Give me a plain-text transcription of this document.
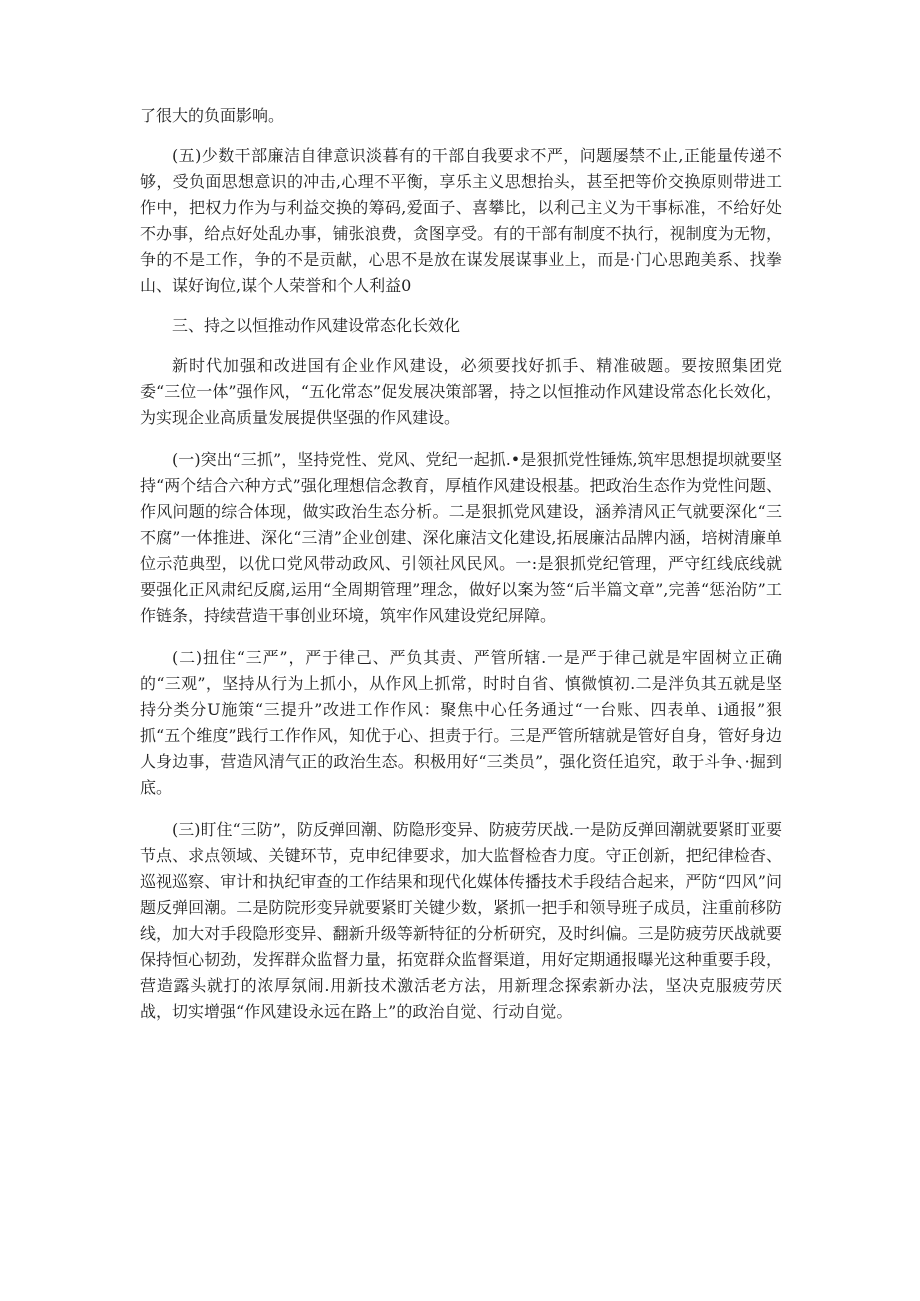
了很大的负面影响。

(五)少数干部廉洁自律意识淡暮有的干部自我要求不严，问题屡禁不止,正能量传递不够，受负面思想意识的冲击,心理不平衡，享乐主义思想抬头，甚至把等价交换原则带进工作中，把权力作为与利益交换的筹码,爱面子、喜攀比，以利己主义为干事标准，不给好处不办事，给点好处乱办事，铺张浪费，贪图享受。有的干部有制度不执行，视制度为无物，争的不是工作，争的不是贡献，心思不是放在谋发展谋事业上，而是·门心思跑美系、找拳山、谋好询位,谋个人荣誉和个人利益0

三、持之以恒推动作风建设常态化长效化

新时代加强和改进国有企业作风建设，必须要找好抓手、精准破题。要按照集团党委“三位一体”强作风，“五化常态”促发展决策部署，持之以恒推动作风建设常态化长效化，为实现企业高质量发展提供坚强的作风建设。

(一)突出“三抓”，坚持党性、党风、党纪一起抓.•是狠抓党性锤炼,筑牢思想提坝就要坚持“两个结合六种方式”强化理想信念教育，厚植作风建设根基。把政治生态作为党性问题、作风问题的综合体现，做实政治生态分析。二是狠抓党风建设，涵养清风正气就要深化“三不腐”一体推进、深化“三清”企业创建、深化廉洁文化建设,拓展廉沽品牌内涵，培树清廉单位示范典型，以优口党风带动政风、引领社风民风。一:是狠抓党纪管理，严守红线底线就要强化正风肃纪反腐,运用“全周期管理”理念，做好以案为签“后半篇文章”,完善“惩治防”工作链条，持续营造干事创业环境，筑牢作风建设党纪屏障。

(二)扭住“三严”，严于律己、严负其责、严管所辖.一是严于律己就是牢固树立正确的“三观”，坚持从行为上抓小，从作风上抓常，时时自省、慎微慎初.二是泮负其五就是坚持分类分U施策“三提升”改进工作作风：聚焦中心任务通过“一台账、四表单、i通报”狠抓“五个维度”践行工作作风，知优于心、担责于行。三是严管所辖就是管好自身，管好身边人身边事，营造风清气正的政治生态。积极用好“三类员”，强化资任追究，敢于斗争、·掘到底。

(三)盯住“三防”，防反弹回潮、防隐形变异、防疲劳厌战.一是防反弹回潮就要紧盯亚要节点、求点领域、关键环节，克申纪律要求，加大监督检杳力度。守正创新，把纪律检杳、巡视巡察、审计和执纪审查的工作结果和现代化媒体传播技术手段结合起来，严防“四风”问题反弹回潮。二是防院形变异就要紧盯关键少数，紧抓一把手和领导班子成员，注重前移防线，加大对手段隐形变异、翻新升级等新特征的分析研究，及时纠偏。三是防疲劳厌战就要保持恒心韧劲，发挥群众监督力量，拓宽群众监督渠道，用好定期通报曝光这种重要手段，营造露头就打的浓厚氛闹.用新技术激活老方法，用新理念探索新办法，坚决克服疲劳厌战，切实增强“作风建设永远在路上”的政治自觉、行动自觉。
